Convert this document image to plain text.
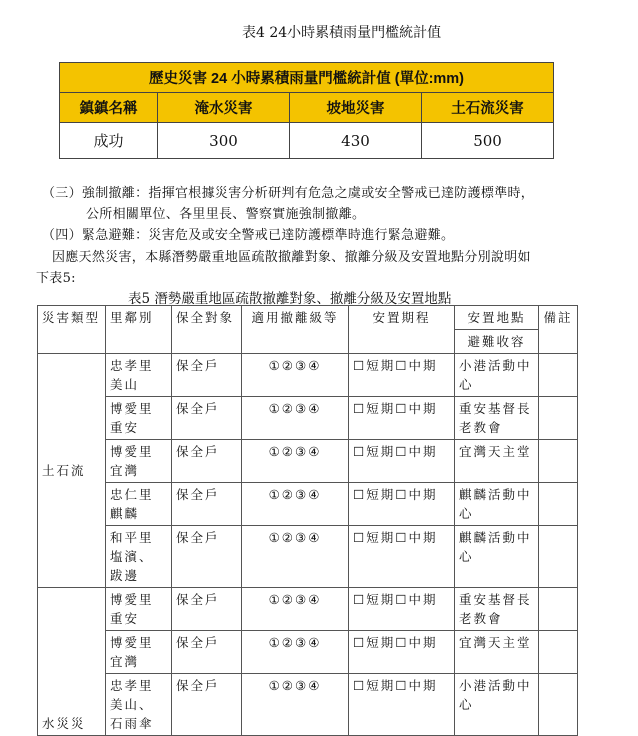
表4 24小時累積雨量門檻統計值
歷史災害 24 小時累積雨量門檻統計值 (單位:mm)			
鎮鎮名稱	淹水災害	坡地災害	土石流災害
成功	300	430	500
（三）強制撤離：指揮官根據災害分析研判有危急之虞或安全警戒已達防護標準時，
公所相關單位、各里里長、警察實施強制撤離。
（四）緊急避難：災害危及或安全警戒已達防護標準時進行緊急避難。
因應天然災害，本縣潛勢嚴重地區疏散撤離對象、撤離分級及安置地點分別說明如
下表5:
表5 潛勢嚴重地區疏散撤離對象、撤離分級及安置地點
災害類型	里鄰別	保全對象	適用撤離級等	安置期程	安置地點	備註
					避難收容	
土石流	忠孝里美山	保全戶	①②③④	☐短期 ☐ 中期	小港活動中心	
	博愛里重安	保全戶	①②③④	☐短期 ☐ 中期	重安基督長老教會	
	博愛里宜灣	保全戶	①②③④	☐短期 ☐ 中期	宜灣天主堂	
	忠仁里麒麟	保全戶	①②③④	☐短期 ☐ 中期	麒麟活動中心	
	和平里塩濱、跋邊	保全戶	①②③④	☐短期 ☐ 中期	麒麟活動中心	
水災災	博愛里重安	保全戶	①②③④	☐短期 ☐ 中期	重安基督長老教會	
	博愛里宜灣	保全戶	①②③④	☐短期 ☐ 中期	宜灣天主堂	
	忠孝里美山、石雨傘	保全戶	①②③④	☐短期 ☐ 中期	小港活動中心	
